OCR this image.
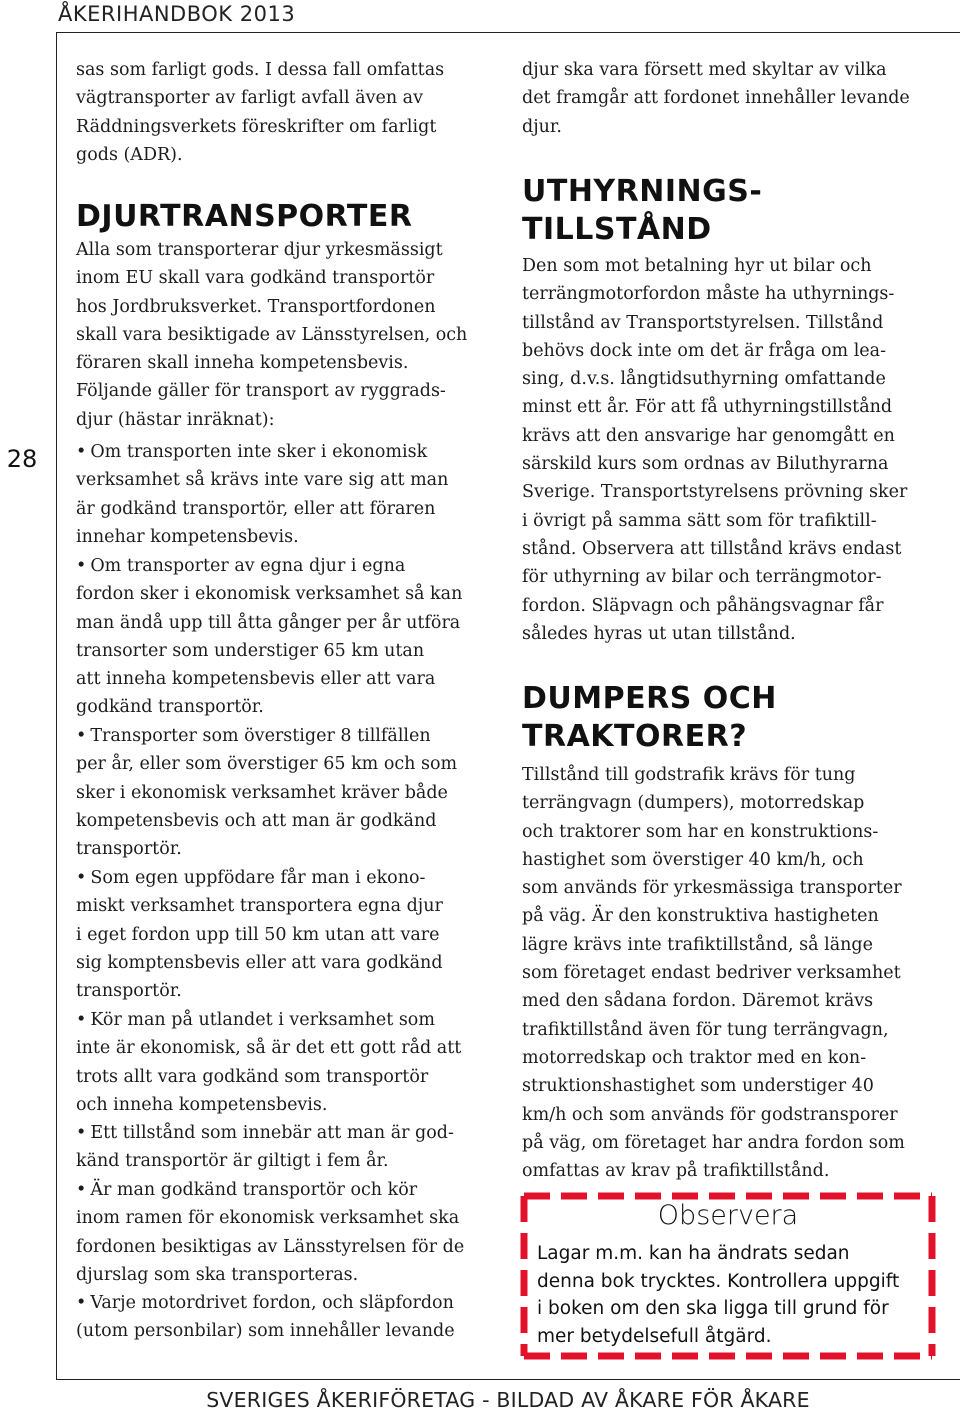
ÅKERIHANDBOK 2013
28
sas som farligt gods. I dessa fall omfattas
vägtransporter av farligt avfall även av
Räddningsverkets föreskrifter om farligt
gods (ADR).
DJURTRANSPORTER
Alla som transporterar djur yrkesmässigt
inom EU skall vara godkänd transportör
hos Jordbruksverket. Transportfordonen
skall vara besiktigade av Länsstyrelsen, och
föraren skall inneha kompetensbevis.
Följande gäller för transport av ryggrads-
djur (hästar inräknat):
• Om transporten inte sker i ekonomisk
verksamhet så krävs inte vare sig att man
är godkänd transportör, eller att föraren
innehar kompetensbevis.
• Om transporter av egna djur i egna
fordon sker i ekonomisk verksamhet så kan
man ändå upp till åtta gånger per år utföra
transorter som understiger 65 km utan
att inneha kompetensbevis eller att vara
godkänd transportör.
• Transporter som överstiger 8 tillfällen
per år, eller som överstiger 65 km och som
sker i ekonomisk verksamhet kräver både
kompetensbevis och att man är godkänd
transportör.
• Som egen uppfödare får man i ekono-
miskt verksamhet transportera egna djur
i eget fordon upp till 50 km utan att vare
sig komptensbevis eller att vara godkänd
transportör.
• Kör man på utlandet i verksamhet som
inte är ekonomisk, så är det ett gott råd att
trots allt vara godkänd som transportör
och inneha kompetensbevis.
• Ett tillstånd som innebär att man är god-
känd transportör är giltigt i fem år.
• Är man godkänd transportör och kör
inom ramen för ekonomisk verksamhet ska
fordonen besiktigas av Länsstyrelsen för de
djurslag som ska transporteras.
• Varje motordrivet fordon, och släpfordon
(utom personbilar) som innehåller levande
djur ska vara försett med skyltar av vilka
det framgår att fordonet innehåller levande
djur.
UTHYRNINGS-
TILLSTÅND
Den som mot betalning hyr ut bilar och
terrängmotorfordon måste ha uthyrnings-
tillstånd av Transportstyrelsen. Tillstånd
behövs dock inte om det är fråga om lea-
sing, d.v.s. långtidsuthyrning omfattande
minst ett år. För att få uthyrningstillstånd
krävs att den ansvarige har genomgått en
särskild kurs som ordnas av Biluthyrarna
Sverige. Transportstyrelsens prövning sker
i övrigt på samma sätt som för trafiktill-
stånd. Observera att tillstånd krävs endast
för uthyrning av bilar och terrängmotor-
fordon. Släpvagn och påhängsvagnar får
således hyras ut utan tillstånd.
DUMPERS OCH
TRAKTORER?
Tillstånd till godstrafik krävs för tung
terrängvagn (dumpers), motorredskap
och traktorer som har en konstruktions-
hastighet som överstiger 40 km/h, och
som används för yrkesmässiga transporter
på väg. Är den konstruktiva hastigheten
lägre krävs inte trafiktillstånd, så länge
som företaget endast bedriver verksamhet
med den sådana fordon. Däremot krävs
trafiktillstånd även för tung terrängvagn,
motorredskap och traktor med en kon-
struktionshastighet som understiger 40
km/h och som används för godstransporer
på väg, om företaget har andra fordon som
omfattas av krav på trafiktillstånd.
Observera
Lagar m.m. kan ha ändrats sedan
denna bok trycktes. Kontrollera uppgift
i boken om den ska ligga till grund för
mer betydelsefull åtgärd.
SVERIGES ÅKERIFÖRETAG - BILDAD AV ÅKARE FÖR ÅKARE
